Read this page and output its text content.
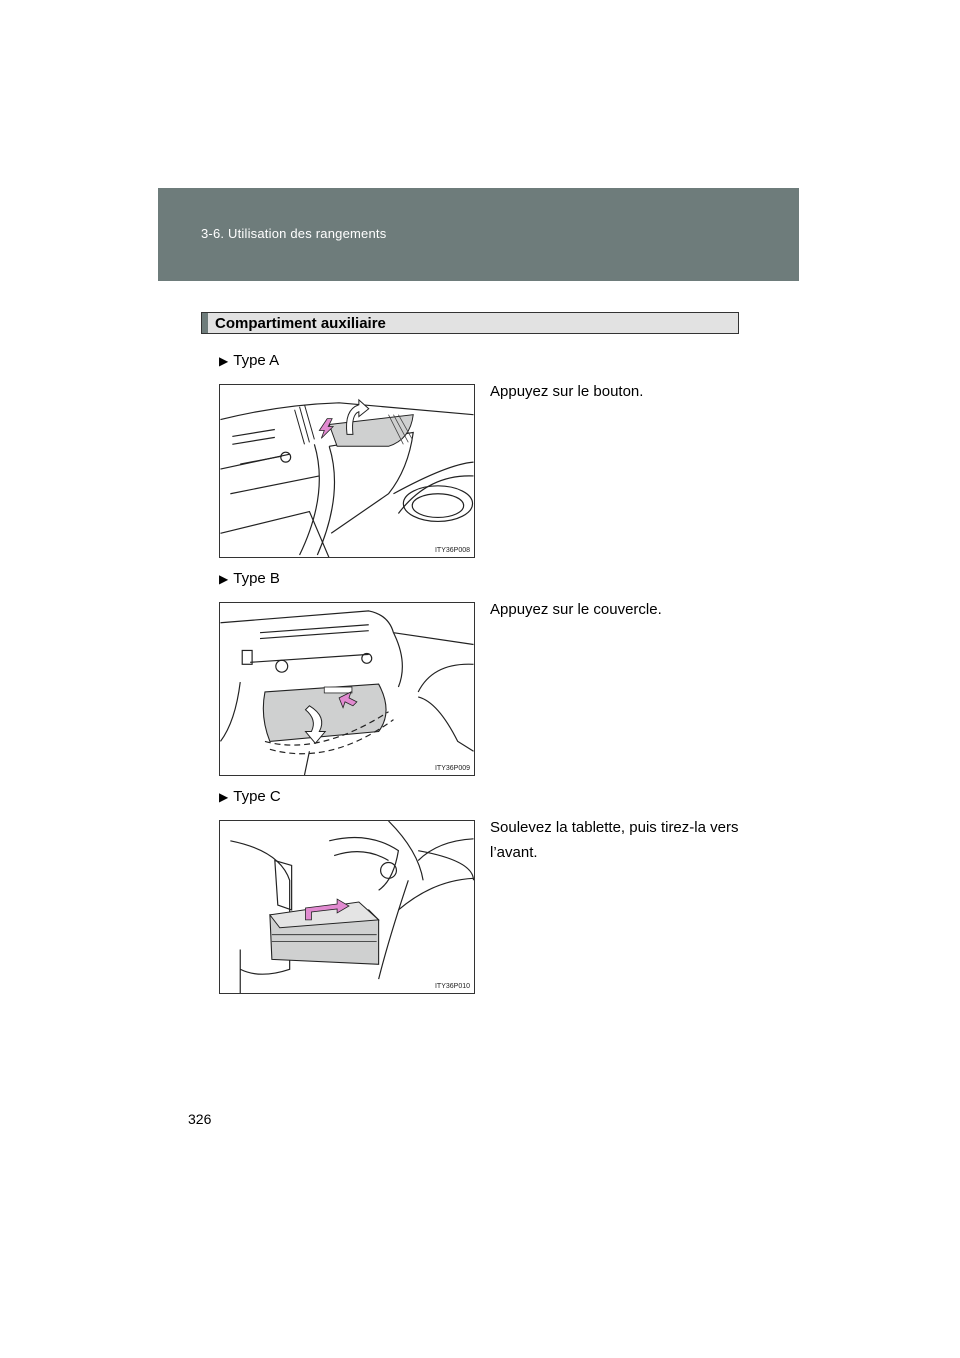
3-6. Utilisation des rangements
Compartiment auxiliaire
▶ Type A
ITY36P008
Appuyez sur le bouton.
▶ Type B
ITY36P009
Appuyez sur le couvercle.
▶ Type C
ITY36P010
Soulevez la tablette, puis tirez-la vers l’avant.
326
